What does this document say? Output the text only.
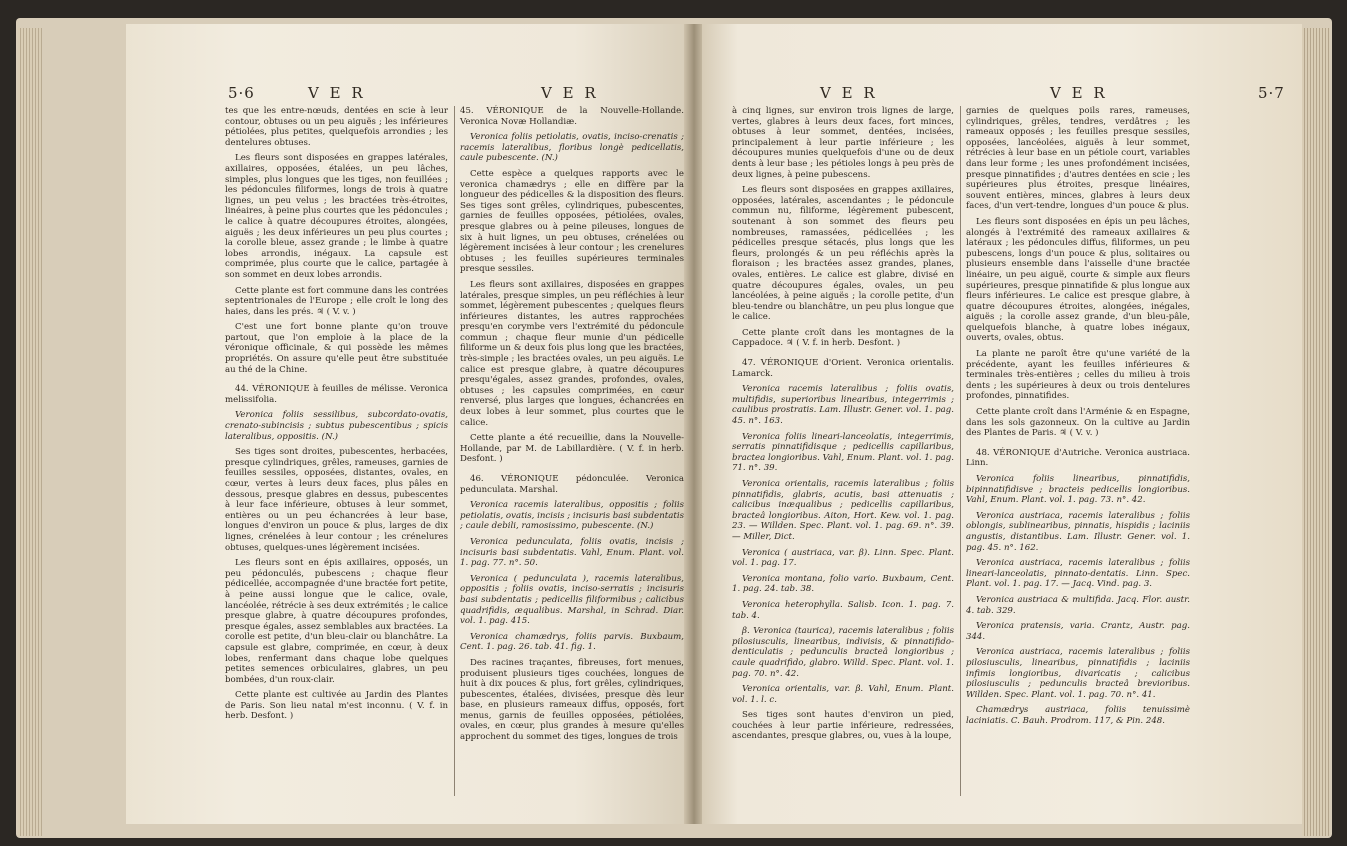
5·6	V E R	V E R

tes que les entre-nœuds, dentées en scie à leur contour, obtuses ou un peu aiguës ; les inférieures pétiolées, plus petites, quelquefois arrondies ; les dentelures obtuses.

Les fleurs sont disposées en grappes latérales, axillaires, opposées, étalées, un peu lâches, simples, plus longues que les tiges, non feuillées ; les pédoncules filiformes, longs de trois à quatre lignes, un peu velus ; les bractées très-étroites, linéaires, à peine plus courtes que les pédoncules ; le calice à quatre découpures étroites, alongées, aiguës ; les deux inférieures un peu plus courtes ; la corolle bleue, assez grande ; le limbe à quatre lobes arrondis, inégaux. La capsule est comprimée, plus courte que le calice, partagée à son sommet en deux lobes arrondis.

Cette plante est fort commune dans les contrées septentrionales de l'Europe ; elle croît le long des haies, dans les prés. ♃ ( V. v. )

C'est une fort bonne plante qu'on trouve partout, que l'on emploie à la place de la véronique officinale, & qui possède les mêmes propriétés. On assure qu'elle peut être substituée au thé de la Chine.

44. VÉRONIQUE à feuilles de mélisse. Veronica melissifolia.

Veronica foliis sessilibus, subcordato-ovatis, crenato-subincisis ; subtus pubescentibus ; spicis lateralibus, oppositis. (N.)

Ses tiges sont droites, pubescentes, herbacées, presque cylindriques, grêles, rameuses, garnies de feuilles sessiles, opposées, distantes, ovales, en cœur, vertes à leurs deux faces, plus pâles en dessous, presque glabres en dessus, pubescentes à leur face inférieure, obtuses à leur sommet, entières ou un peu échancrées à leur base, longues d'environ un pouce & plus, larges de dix lignes, crénelées à leur contour ; les crénelures obtuses, quelques-unes légèrement incisées.

Les fleurs sont en épis axillaires, opposés, un peu pédonculés, pubescens ; chaque fleur pédicellée, accompagnée d'une bractée fort petite, à peine aussi longue que le calice, ovale, lancéolée, rétrécie à ses deux extrémités ; le calice presque glabre, à quatre découpures profondes, presque égales, assez semblables aux bractées. La corolle est petite, d'un bleu-clair ou blanchâtre. La capsule est glabre, comprimée, en cœur, à deux lobes, renfermant dans chaque lobe quelques petites semences orbiculaires, glabres, un peu bombées, d'un roux-clair.

Cette plante est cultivée au Jardin des Plantes de Paris. Son lieu natal m'est inconnu. ( V. f. in herb. Desfont. )

45. VÉRONIQUE de la Nouvelle-Hollande. Veronica Novæ Hollandiæ.

Veronica foliis petiolatis, ovatis, inciso-crenatis ; racemis lateralibus, floribus longè pedicellatis, caule pubescente. (N.)

Cette espèce a quelques rapports avec le veronica chamædrys ; elle en diffère par la longueur des pédicelles & la disposition des fleurs. Ses tiges sont grêles, cylindriques, pubescentes, garnies de feuilles opposées, pétiolées, ovales, presque glabres ou à peine pileuses, longues de six à huit lignes, un peu obtuses, crénelées ou légèrement incisées à leur contour ; les crenelures obtuses ; les feuilles supérieures terminales presque sessiles.

Les fleurs sont axillaires, disposées en grappes latérales, presque simples, un peu réfléchies à leur sommet, légèrement pubescentes ; quelques fleurs inférieures distantes, les autres rapprochées presqu'en corymbe vers l'extrémité du pédoncule commun ; chaque fleur munie d'un pédicelle filiforme un & deux fois plus long que les bractées, très-simple ; les bractées ovales, un peu aiguës. Le calice est presque glabre, à quatre découpures presqu'égales, assez grandes, profondes, ovales, obtuses ; les capsules comprimées, en cœur renversé, plus larges que longues, échancrées en deux lobes à leur sommet, plus courtes que le calice.

Cette plante a été recueillie, dans la Nouvelle-Hollande, par M. de Labillardière. ( V. f. in herb. Desfont. )

46. VÉRONIQUE pédonculée. Veronica pedunculata. Marshal.

Veronica racemis lateralibus, oppositis ; foliis petiolatis, ovatis, incisis ; incisuris basi subdentatis ; caule debili, ramosissimo, pubescente. (N.)

Veronica pedunculata, foliis ovatis, incisis ; incisuris basi subdentatis. Vahl, Enum. Plant. vol. 1. pag. 77. n°. 50.

Veronica ( pedunculata ), racemis lateralibus, oppositis ; foliis ovatis, inciso-serratis ; incisuris basi subdentatis ; pedicellis filiformibus ; calicibus quadrifidis, æqualibus. Marshal, in Schrad. Diar. vol. 1. pag. 415.

Veronica chamædrys, foliis parvis. Buxbaum, Cent. 1. pag. 26. tab. 41. fig. 1.

Des racines traçantes, fibreuses, fort menues, produisent plusieurs tiges couchées, longues de huit à dix pouces & plus, fort grêles, cylindriques, pubescentes, étalées, divisées, presque dès leur base, en plusieurs rameaux diffus, opposés, fort menus, garnis de feuilles opposées, pétiolées, ovales, en cœur, plus grandes à mesure qu'elles approchent du sommet des tiges, longues de trois

V E R	V E R	5·7

à cinq lignes, sur environ trois lignes de large, vertes, glabres à leurs deux faces, fort minces, obtuses à leur sommet, dentées, incisées, principalement à leur partie inférieure ; les découpures munies quelquefois d'une ou de deux dents à leur base ; les pétioles longs à peu près de deux lignes, à peine pubescens.

Les fleurs sont disposées en grappes axillaires, opposées, latérales, ascendantes ; le pédoncule commun nu, filiforme, légèrement pubescent, soutenant à son sommet des fleurs peu nombreuses, ramassées, pédicellées ; les pédicelles presque sétacés, plus longs que les fleurs, prolongés & un peu réfléchis après la floraison ; les bractées assez grandes, planes, ovales, entières. Le calice est glabre, divisé en quatre découpures égales, ovales, un peu lancéolées, à peine aiguës ; la corolle petite, d'un bleu-tendre ou blanchâtre, un peu plus longue que le calice.

Cette plante croît dans les montagnes de la Cappadoce. ♃ ( V. f. in herb. Desfont. )

47. VÉRONIQUE d'Orient. Veronica orientalis. Lamarck.

Veronica racemis lateralibus ; foliis ovatis, multifidis, superioribus linearibus, integerrimis ; caulibus prostratis. Lam. Illustr. Gener. vol. 1. pag. 45. n°. 163.

Veronica foliis lineari-lanceolatis, integerrimis, serratis pinnatifidisque ; pedicellis capillaribus, bractea longioribus. Vahl, Enum. Plant. vol. 1. pag. 71. n°. 39.

Veronica orientalis, racemis lateralibus ; foliis pinnatifidis, glabris, acutis, basi attenuatis ; calicibus inæqualibus ; pedicellis capillaribus, bracteâ longioribus. Aiton, Hort. Kew. vol. 1. pag. 23. — Willden. Spec. Plant. vol. 1. pag. 69. n°. 39. — Miller, Dict.

Veronica ( austriaca, var. β). Linn. Spec. Plant. vol. 1. pag. 17.

Veronica montana, folio vario. Buxbaum, Cent. 1. pag. 24. tab. 38.

Veronica heterophylla. Salisb. Icon. 1. pag. 7. tab. 4.

β. Veronica (taurica), racemis lateralibus ; foliis pilosiusculis, linearibus, indivisis, & pinnatifido-denticulatis ; pedunculis bracteâ longioribus ; caule quadrifido, glabro. Willd. Spec. Plant. vol. 1. pag. 70. n°. 42.

Veronica orientalis, var. β. Vahl, Enum. Plant. vol. 1. l. c.

Ses tiges sont hautes d'environ un pied, couchées à leur partie inférieure, redressées, ascendantes, presque glabres, ou, vues à la loupe,

garnies de quelques poils rares, rameuses, cylindriques, grêles, tendres, verdâtres ; les rameaux opposés ; les feuilles presque sessiles, opposées, lancéolées, aiguës à leur sommet, rétrécies à leur base en un pétiole court, variables dans leur forme ; les unes profondément incisées, presque pinnatifides ; d'autres dentées en scie ; les supérieures plus étroites, presque linéaires, souvent entières, minces, glabres à leurs deux faces, d'un vert-tendre, longues d'un pouce & plus.

Les fleurs sont disposées en épis un peu lâches, alongés à l'extrémité des rameaux axillaires & latéraux ; les pédoncules diffus, filiformes, un peu pubescens, longs d'un pouce & plus, solitaires ou plusieurs ensemble dans l'aisselle d'une bractée linéaire, un peu aiguë, courte & simple aux fleurs supérieures, presque pinnatifide & plus longue aux fleurs inférieures. Le calice est presque glabre, à quatre découpures étroites, alongées, inégales, aiguës ; la corolle assez grande, d'un bleu-pâle, quelquefois blanche, à quatre lobes inégaux, ouverts, ovales, obtus.

La plante ne paroît être qu'une variété de la précédente, ayant les feuilles inférieures & terminales très-entières ; celles du milieu à trois dents ; les supérieures à deux ou trois dentelures profondes, pinnatifides.

Cette plante croît dans l'Arménie & en Espagne, dans les sols gazonneux. On la cultive au Jardin des Plantes de Paris. ♃ ( V. v. )

48. VÉRONIQUE d'Autriche. Veronica austriaca. Linn.

Veronica foliis linearibus, pinnatifidis, bipinnatifidisve ; bracteis pedicellis longioribus. Vahl, Enum. Plant. vol. 1. pag. 73. n°. 42.

Veronica austriaca, racemis lateralibus ; foliis oblongis, sublinearibus, pinnatis, hispidis ; laciniis angustis, distantibus. Lam. Illustr. Gener. vol. 1. pag. 45. n°. 162.

Veronica austriaca, racemis lateralibus ; foliis lineari-lanceolatis, pinnato-dentatis. Linn. Spec. Plant. vol. 1. pag. 17. — Jacq. Vind. pag. 3.

Veronica austriaca & multifida. Jacq. Flor. austr. 4. tab. 329.

Veronica pratensis, varia. Crantz, Austr. pag. 344.

Veronica austriaca, racemis lateralibus ; foliis pilosiusculis, linearibus, pinnatifidis ; laciniis infimis longioribus, divaricatis ; calicibus pilosiusculis ; pedunculis bracteâ brevioribus. Willden. Spec. Plant. vol. 1. pag. 70. n°. 41.

Chamædrys austriaca, foliis tenuissimè laciniatis. C. Bauh. Prodrom. 117, & Pin. 248.
